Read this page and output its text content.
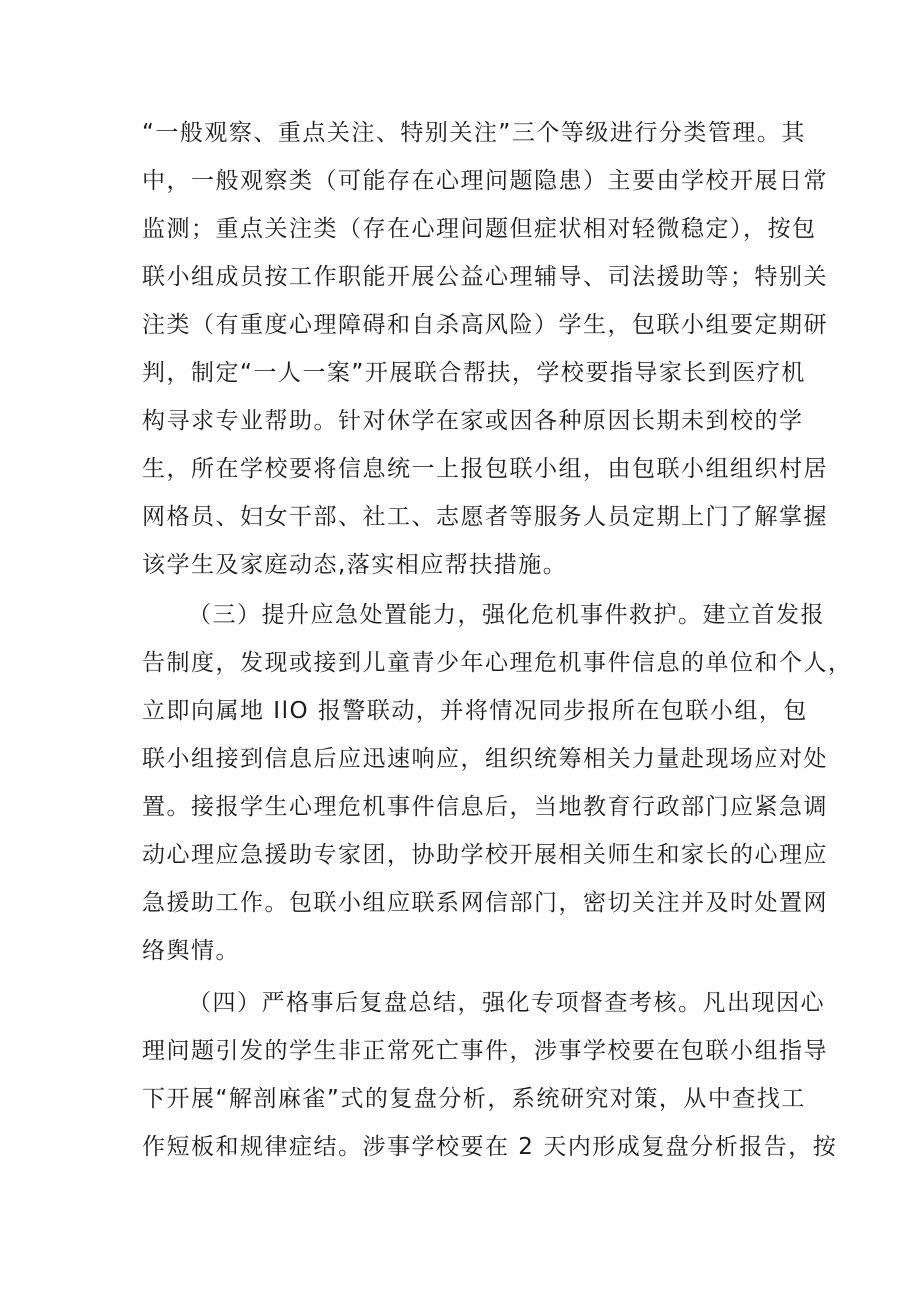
“一般观察、重点关注、特别关注”三个等级进行分类管理。其
中，一般观察类（可能存在心理问题隐患）主要由学校开展日常
监测；重点关注类（存在心理问题但症状相对轻微稳定），按包
联小组成员按工作职能开展公益心理辅导、司法援助等；特别关
注类（有重度心理障碍和自杀高风险）学生，包联小组要定期研
判，制定“一人一案”开展联合帮扶，学校要指导家长到医疗机
构寻求专业帮助。针对休学在家或因各种原因长期未到校的学
生，所在学校要将信息统一上报包联小组，由包联小组组织村居
网格员、妇女干部、社工、志愿者等服务人员定期上门了解掌握
该学生及家庭动态,落实相应帮扶措施。
（三）提升应急处置能力，强化危机事件救护。建立首发报
告制度，发现或接到儿童青少年心理危机事件信息的单位和个人，
立即向属地 IlO 报警联动，并将情况同步报所在包联小组，包
联小组接到信息后应迅速响应，组织统筹相关力量赴现场应对处
置。接报学生心理危机事件信息后，当地教育行政部门应紧急调
动心理应急援助专家团，协助学校开展相关师生和家长的心理应
急援助工作。包联小组应联系网信部门，密切关注并及时处置网
络舆情。
（四）严格事后复盘总结，强化专项督查考核。凡出现因心
理问题引发的学生非正常死亡事件，涉事学校要在包联小组指导
下开展“解剖麻雀”式的复盘分析，系统研究对策，从中查找工
作短板和规律症结。涉事学校要在 2 天内形成复盘分析报告，按
